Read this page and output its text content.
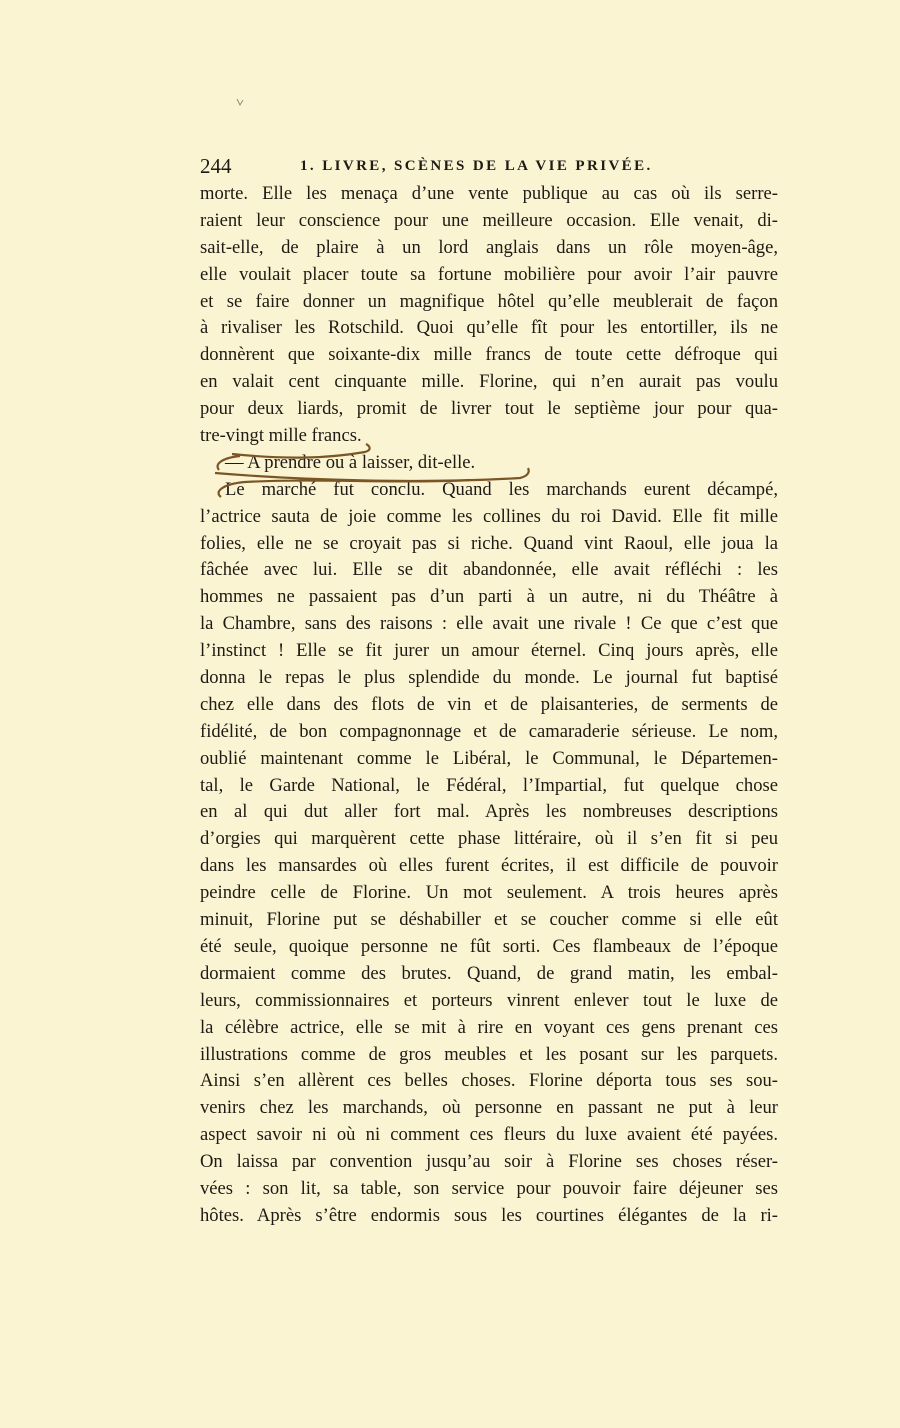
244	1. LIVRE, SCÈNES DE LA VIE PRIVÉE.
morte. Elle les menaça d’une vente publique au cas où ils serre-
raient leur conscience pour une meilleure occasion. Elle venait, di-
sait-elle, de plaire à un lord anglais dans un rôle moyen-âge,
elle voulait placer toute sa fortune mobilière pour avoir l’air pauvre
et se faire donner un magnifique hôtel qu’elle meublerait de façon
à rivaliser les Rotschild. Quoi qu’elle fît pour les entortiller, ils ne
donnèrent que soixante-dix mille francs de toute cette défroque qui
en valait cent cinquante mille. Florine, qui n’en aurait pas voulu
pour deux liards, promit de livrer tout le septième jour pour qua-
tre-vingt mille francs.
— A prendre ou à laisser, dit-elle.
Le marché fut conclu. Quand les marchands eurent décampé,
l’actrice sauta de joie comme les collines du roi David. Elle fit mille
folies, elle ne se croyait pas si riche. Quand vint Raoul, elle joua la
fâchée avec lui. Elle se dit abandonnée, elle avait réfléchi : les
hommes ne passaient pas d’un parti à un autre, ni du Théâtre à
la Chambre, sans des raisons : elle avait une rivale ! Ce que c’est que
l’instinct ! Elle se fit jurer un amour éternel. Cinq jours après, elle
donna le repas le plus splendide du monde. Le journal fut baptisé
chez elle dans des flots de vin et de plaisanteries, de serments de
fidélité, de bon compagnonnage et de camaraderie sérieuse. Le nom,
oublié maintenant comme le Libéral, le Communal, le Départemen-
tal, le Garde National, le Fédéral, l’Impartial, fut quelque chose
en al qui dut aller fort mal. Après les nombreuses descriptions
d’orgies qui marquèrent cette phase littéraire, où il s’en fit si peu
dans les mansardes où elles furent écrites, il est difficile de pouvoir
peindre celle de Florine. Un mot seulement. A trois heures après
minuit, Florine put se déshabiller et se coucher comme si elle eût
été seule, quoique personne ne fût sorti. Ces flambeaux de l’époque
dormaient comme des brutes. Quand, de grand matin, les embal-
leurs, commissionnaires et porteurs vinrent enlever tout le luxe de
la célèbre actrice, elle se mit à rire en voyant ces gens prenant ces
illustrations comme de gros meubles et les posant sur les parquets.
Ainsi s’en allèrent ces belles choses. Florine déporta tous ses sou-
venirs chez les marchands, où personne en passant ne put à leur
aspect savoir ni où ni comment ces fleurs du luxe avaient été payées.
On laissa par convention jusqu’au soir à Florine ses choses réser-
vées : son lit, sa table, son service pour pouvoir faire déjeuner ses
hôtes. Après s’être endormis sous les courtines élégantes de la ri-
